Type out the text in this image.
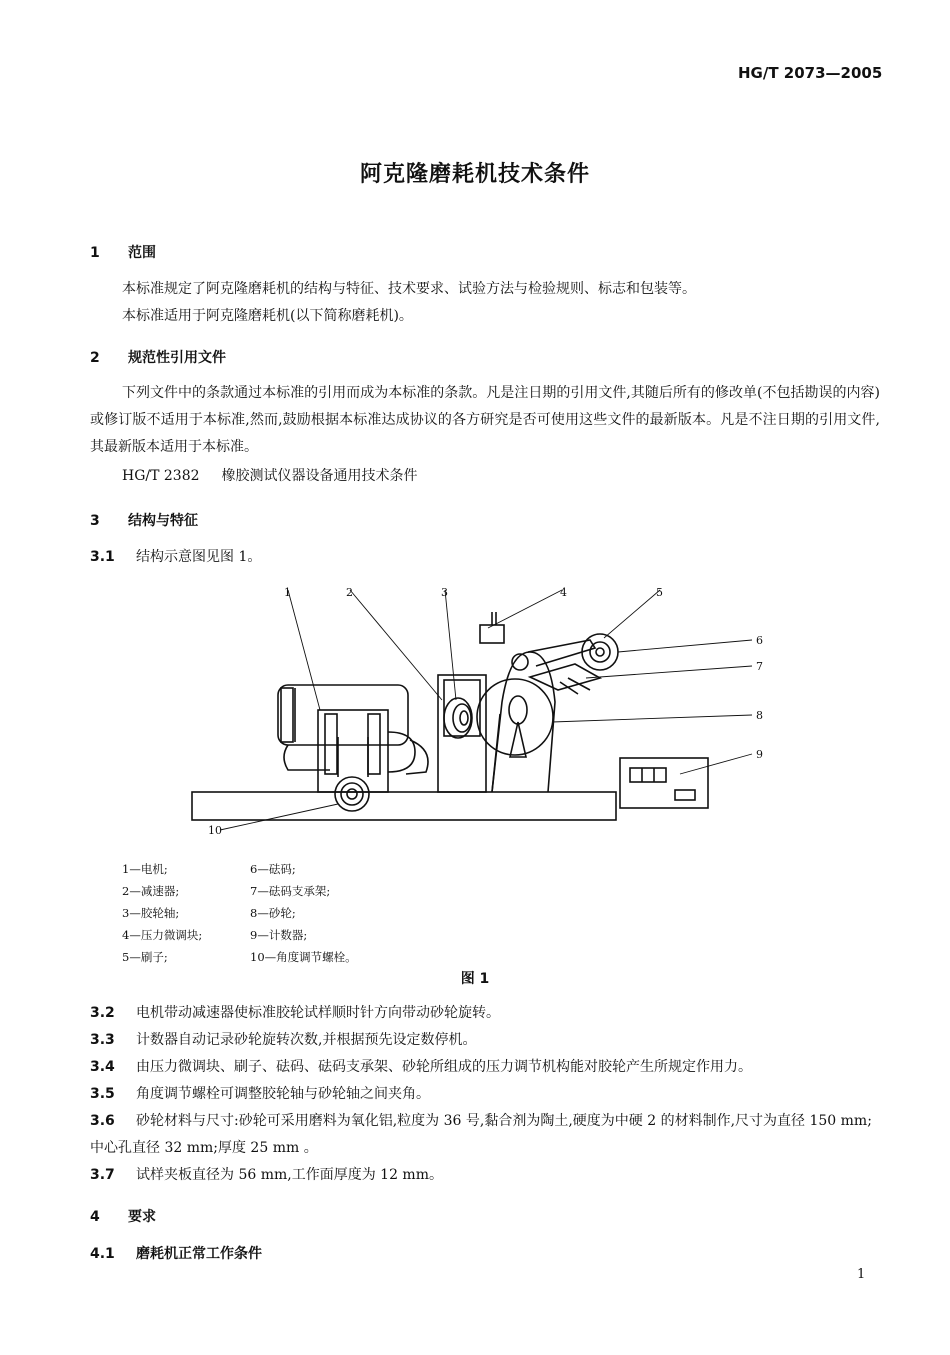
HG/T 2073—2005
阿克隆磨耗机技术条件
1 范围
本标准规定了阿克隆磨耗机的结构与特征、技术要求、试验方法与检验规则、标志和包装等。
本标准适用于阿克隆磨耗机(以下简称磨耗机)。
2 规范性引用文件
下列文件中的条款通过本标准的引用而成为本标准的条款。凡是注日期的引用文件,其随后所有的修改单(不包括勘误的内容)或修订版不适用于本标准,然而,鼓励根据本标准达成协议的各方研究是否可使用这些文件的最新版本。凡是不注日期的引用文件,其最新版本适用于本标准。
HG/T 2382 橡胶测试仪器设备通用技术条件
3 结构与特征
3.1 结构示意图见图 1。
1	2	3	4	5
6
7
8
9
10
1—电机;	6—砝码;
2—减速器;	7—砝码支承架;
3—胶轮轴;	8—砂轮;
4—压力微调块;	9—计数器;
5—刷子;	10—角度调节螺栓。
图 1
3.2 电机带动减速器使标准胶轮试样顺时针方向带动砂轮旋转。
3.3 计数器自动记录砂轮旋转次数,并根据预先设定数停机。
3.4 由压力微调块、刷子、砝码、砝码支承架、砂轮所组成的压力调节机构能对胶轮产生所规定作用力。
3.5 角度调节螺栓可调整胶轮轴与砂轮轴之间夹角。
3.6 砂轮材料与尺寸:砂轮可采用磨料为氧化铝,粒度为 36 号,黏合剂为陶土,硬度为中硬 2 的材料制作,尺寸为直径 150 mm;中心孔直径 32 mm;厚度 25 mm 。
3.7 试样夹板直径为 56 mm,工作面厚度为 12 mm。
4 要求
4.1 磨耗机正常工作条件
1
